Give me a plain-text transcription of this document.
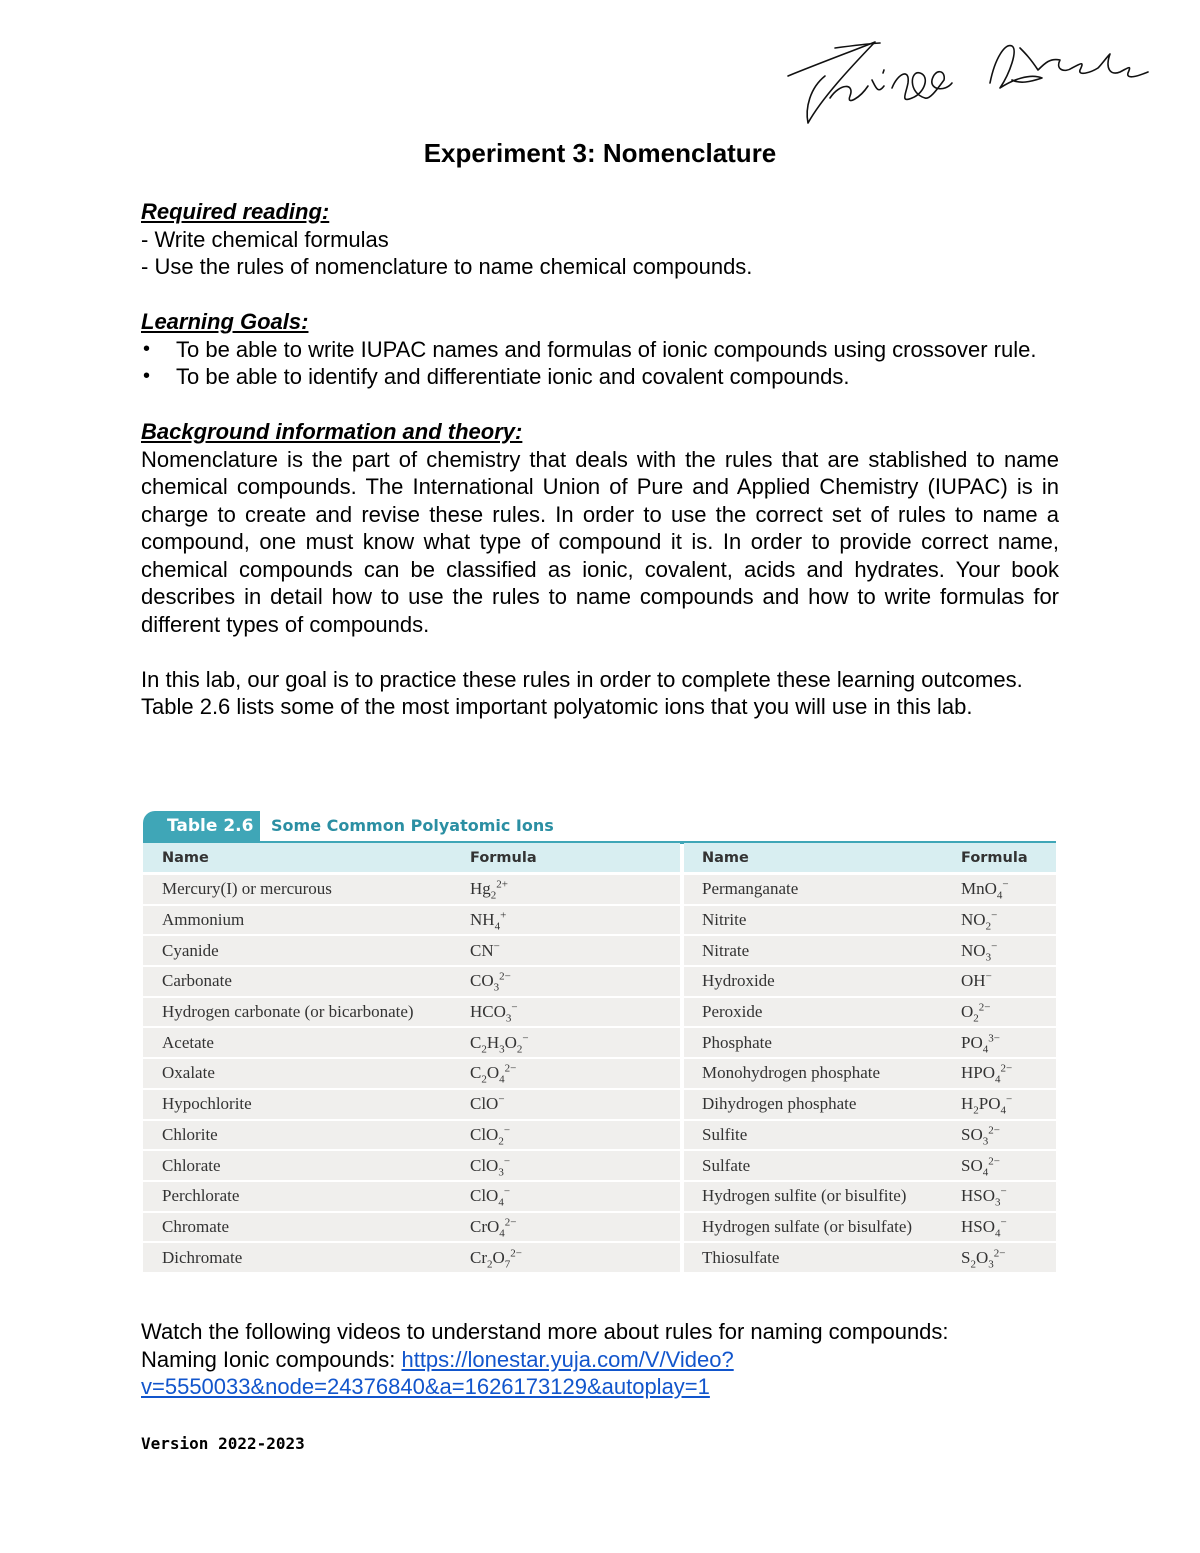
Experiment 3: Nomenclature

Required reading:

- Write chemical formulas

- Use the rules of nomenclature to name chemical compounds.

Learning Goals:

• To be able to write IUPAC names and formulas of ionic compounds using crossover rule.
• To be able to identify and differentiate ionic and covalent compounds.

Background information and theory:

Nomenclature is the part of chemistry that deals with the rules that are stablished to name chemical compounds. The International Union of Pure and Applied Chemistry (IUPAC) is in charge to create and revise these rules. In order to use the correct set of rules to name a compound, one must know what type of compound it is. In order to provide correct name, chemical compounds can be classified as ionic, covalent, acids and hydrates. Your book describes in detail how to use the rules to name compounds and how to write formulas for different types of compounds.

In this lab, our goal is to practice these rules in order to complete these learning outcomes.

Table 2.6 lists some of the most important polyatomic ions that you will use in this lab.

Table 2.6	Some Common Polyatomic Ions
Name	Formula
Mercury(I) or mercurous	$Hg_2^{2+}$
Ammonium	$NH_4^+$
Cyanide	CN−
Carbonate	$CO_3^{2-}$
Hydrogen carbonate (or bicarbonate)	$HCO_3^-$
Acetate	$C_2H_3O_2^-$
Oxalate	$C_2O_4^{2-}$
Hypochlorite	ClO−
Chlorite	ClO$_2$−
Chlorate	ClO$_3$−
Perchlorate	ClO$_4$−
Chromate	CrO$_4^{2-}$
Dichromate	$Cr_2O_7^{2-}$
Name	Formula
Permanganate	MnO$_4$−
Nitrite	$NO_2^-$
Nitrate	$NO_3^-$
Hydroxide	OH−
Peroxide	$O_2^{2-}$
Phosphate	$PO_4^{3-}$
Monohydrogen phosphate	$HPO_4^{2-}$
Dihydrogen phosphate	$H_2PO_4^-$
Sulfite	$SO_3^{2-}$
Sulfate	$SO_4^{2-}$
Hydrogen sulfite (or bisulfite)	$HSO_3^-$
Hydrogen sulfate (or bisulfate)	$HSO_4^-$
Thiosulfate	$S_2O_3^{2-}$
Watch the following videos to understand more about rules for naming compounds:
Naming Ionic compounds: https://lonestar.yuja.com/V/Video?
v=5550033&node=24376840&a=1626173129&autoplay=1
Version 2022-2023
